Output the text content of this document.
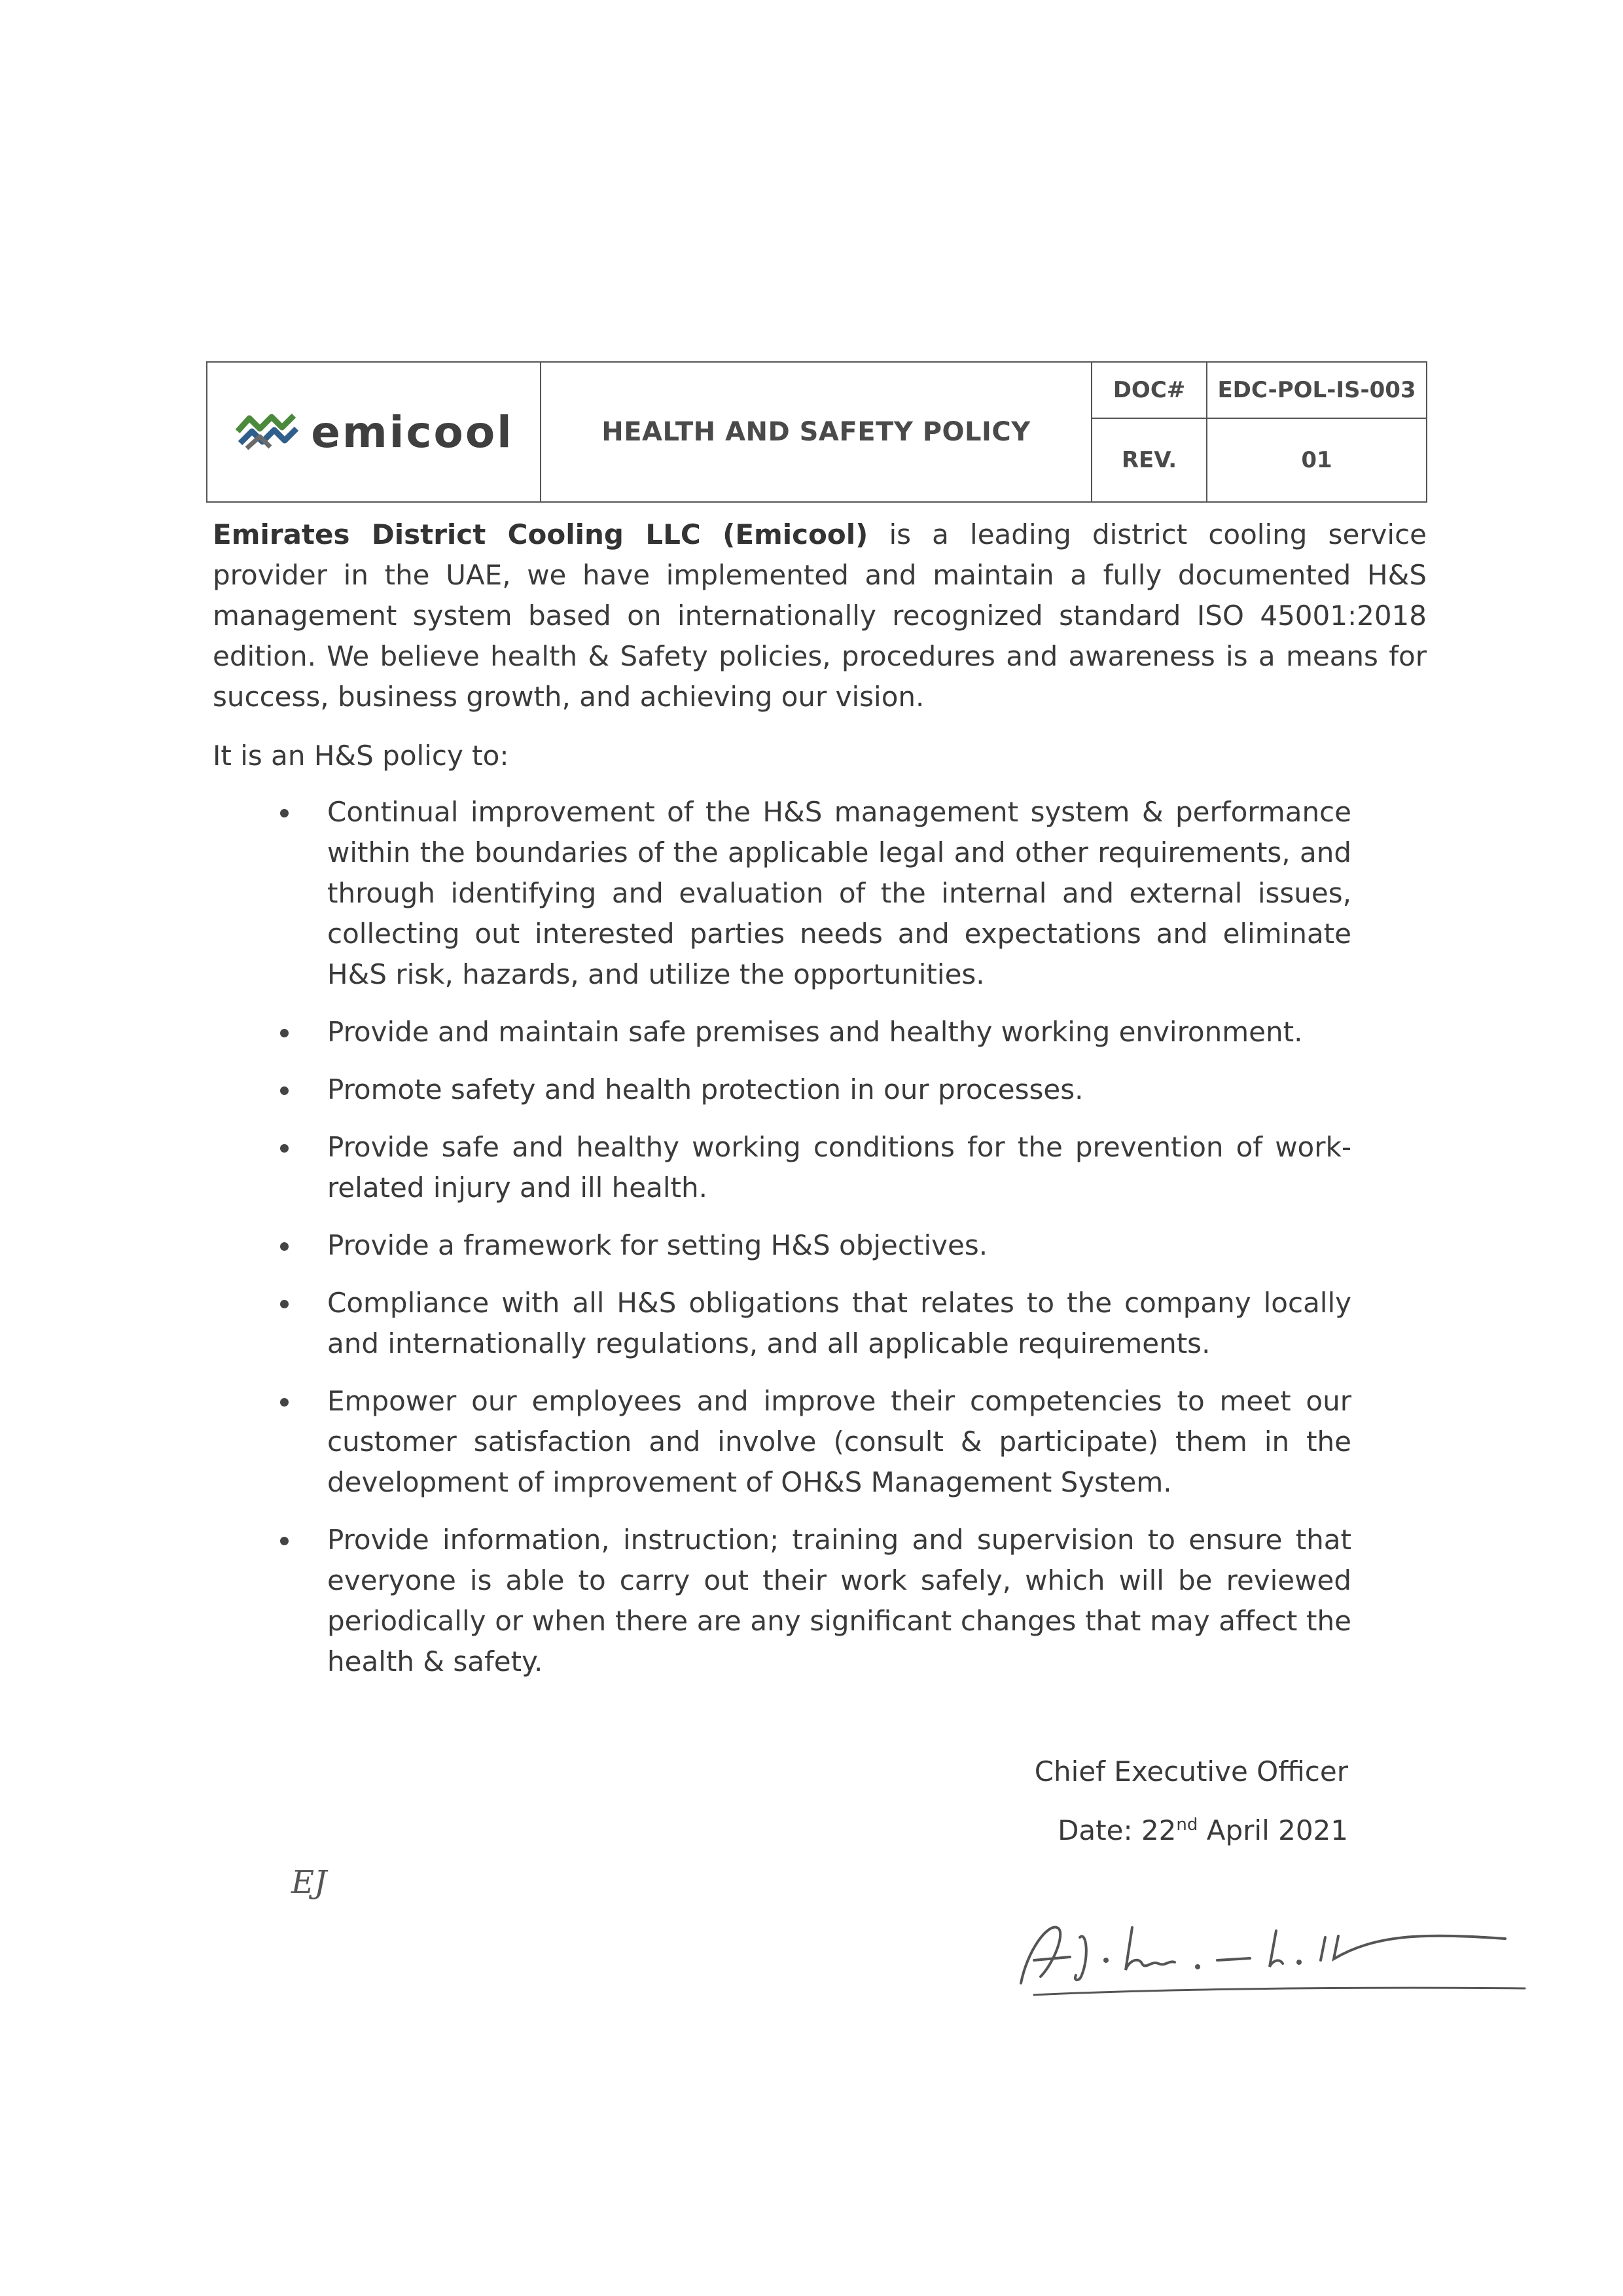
emicool	HEALTH AND SAFETY POLICY	DOC#	EDC-POL-IS-003
		REV.	01
Emirates District Cooling LLC (Emicool) is a leading district cooling service provider in the UAE, we have implemented and maintain a fully documented H&S management system based on internationally recognized standard ISO 45001:2018 edition. We believe health & Safety policies, procedures and awareness is a means for success, business growth, and achieving our vision.
It is an H&S policy to:
Continual improvement of the H&S management system & performance within the boundaries of the applicable legal and other requirements, and through identifying and evaluation of the internal and external issues, collecting out interested parties needs and expectations and eliminate H&S risk, hazards, and utilize the opportunities.
Provide and maintain safe premises and healthy working environment.
Promote safety and health protection in our processes.
Provide safe and healthy working conditions for the prevention of work-related injury and ill health.
Provide a framework for setting H&S objectives.
Compliance with all H&S obligations that relates to the company locally and internationally regulations, and all applicable requirements.
Empower our employees and improve their competencies to meet our customer satisfaction and involve (consult & participate) them in the development of improvement of OH&S Management System.
Provide information, instruction; training and supervision to ensure that everyone is able to carry out their work safely, which will be reviewed periodically or when there are any significant changes that may affect the health & safety.
Chief Executive Officer
Date: 22nd April 2021
EJ
